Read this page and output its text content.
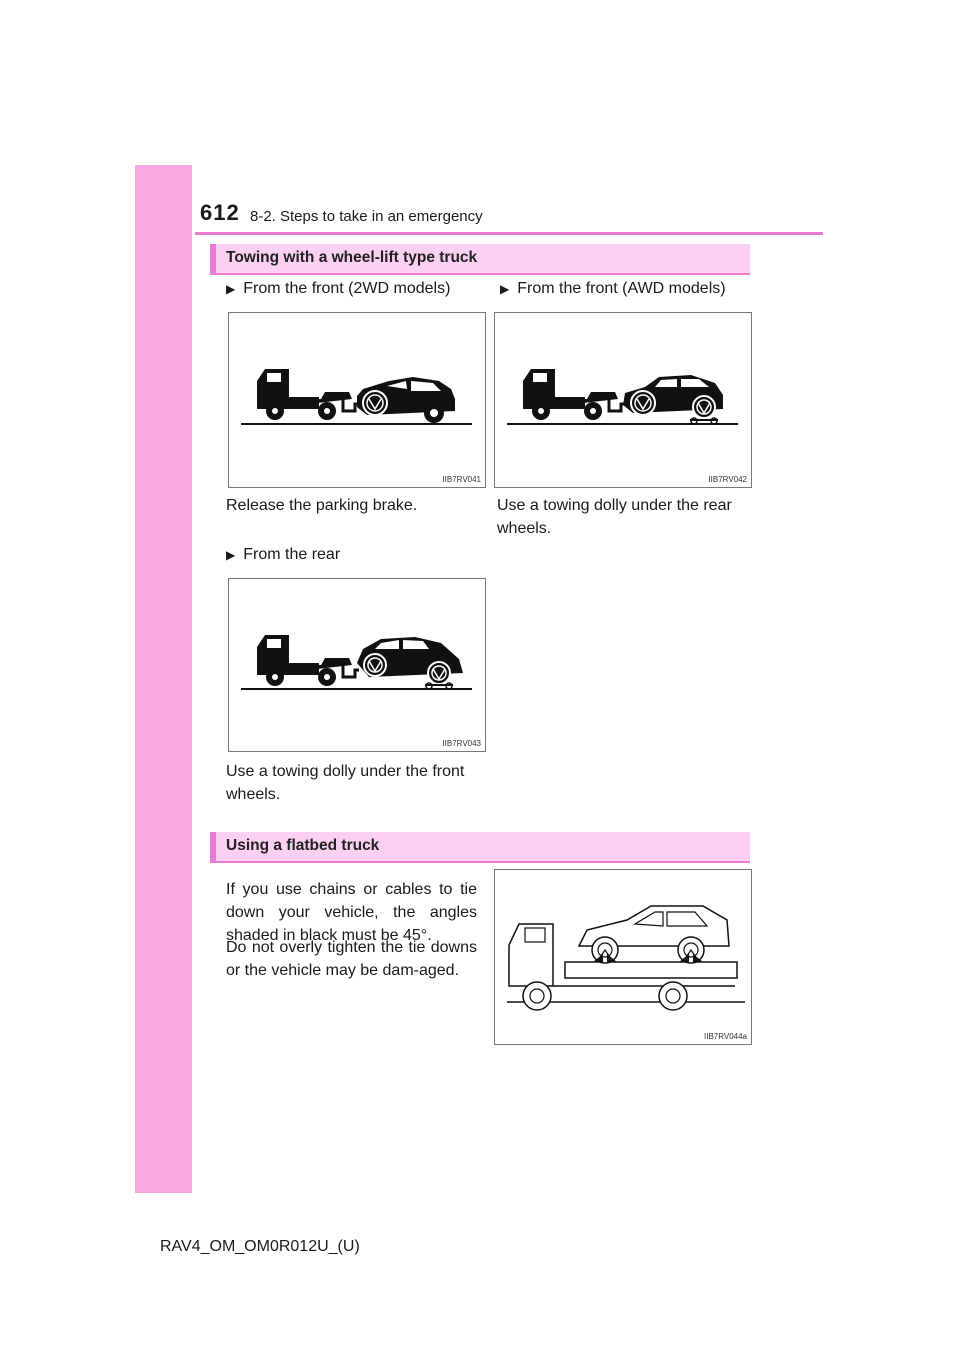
612 8-2. Steps to take in an emergency
Towing with a wheel-lift type truck
▶ From the front (2WD models)
IIB7RV041
Release the parking brake.
▶ From the front (AWD models)
IIB7RV042
Use a towing dolly under the rear
wheels.
▶ From the rear
IIB7RV043
Use a towing dolly under the front
wheels.
Using a flatbed truck
If you use chains or cables to tie down your vehicle, the angles shaded in black must be 45°.
Do not overly tighten the tie downs or the vehicle may be dam-aged.
IIB7RV044a
RAV4_OM_OM0R012U_(U)
